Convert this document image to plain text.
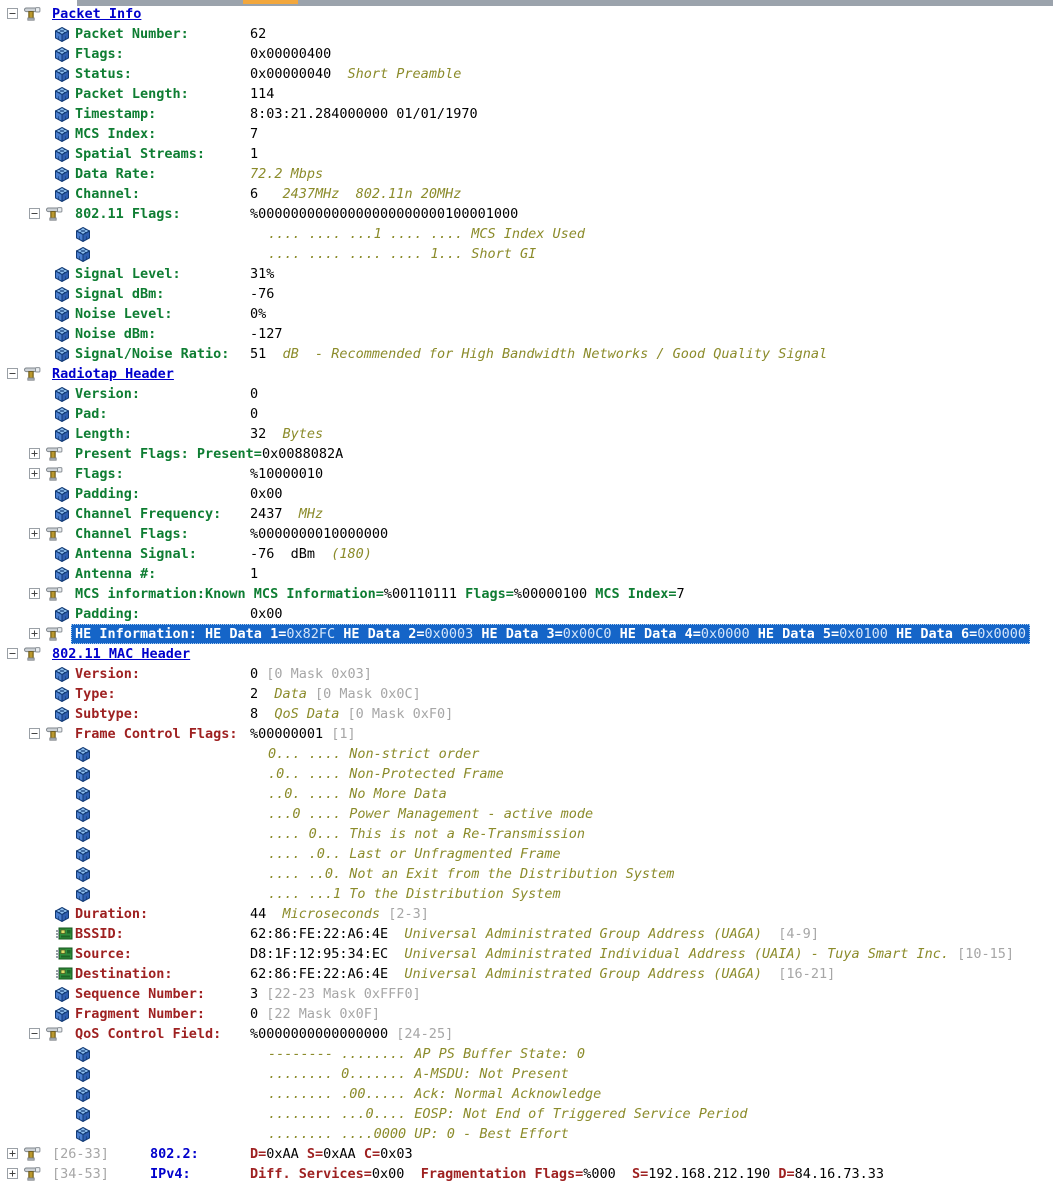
Packet Info
Packet Number:	62
Flags:	0x00000400
Status:	0x00000040  Short Preamble
Packet Length:	114
Timestamp:	8:03:21.284000000 01/01/1970
MCS Index:	7
Spatial Streams:	1
Data Rate:	72.2 Mbps
Channel:	6   2437MHz  802.11n 20MHz
802.11 Flags:	%00000000000000000000000100001000
.... .... ...1 .... .... MCS Index Used
.... .... .... .... 1... Short GI
Signal Level:	31%
Signal dBm:	-76
Noise Level:	0%
Noise dBm:	-127
Signal/Noise Ratio: 51  dB  - Recommended for High Bandwidth Networks / Good Quality Signal
Radiotap Header
Version:	0
Pad:	0
Length:	32  Bytes
Present Flags: Present=0x0088082A
Flags:	%10000010
Padding:	0x00
Channel Frequency: 2437  MHz
Channel Flags:	%0000000010000000
Antenna Signal:	-76  dBm  (180)
Antenna #:	1
MCS information:Known MCS Information=%00110111 Flags=%00000100 MCS Index=7
Padding:	0x00
HE Information: HE Data 1=0x82FC HE Data 2=0x0003 HE Data 3=0x00C0 HE Data 4=0x0000 HE Data 5=0x0100 HE Data 6=0x0000
802.11 MAC Header
Version:	0 [0 Mask 0x03]
Type:	2  Data [0 Mask 0x0C]
Subtype:	8  QoS Data [0 Mask 0xF0]
Frame Control Flags: %00000001 [1]
0... .... Non-strict order
.0.. .... Non-Protected Frame
..0. .... No More Data
...0 .... Power Management - active mode
.... 0... This is not a Re-Transmission
.... .0.. Last or Unfragmented Frame
.... ..0. Not an Exit from the Distribution System
.... ...1 To the Distribution System
Duration:	44  Microseconds [2-3]
BSSID:	62:86:FE:22:A6:4E  Universal Administrated Group Address (UAGA)  [4-9]
Source:	D8:1F:12:95:34:EC  Universal Administrated Individual Address (UAIA) - Tuya Smart Inc. [10-15]
Destination:	62:86:FE:22:A6:4E  Universal Administrated Group Address (UAGA)  [16-21]
Sequence Number:	3 [22-23 Mask 0xFFF0]
Fragment Number:	0 [22 Mask 0x0F]
QoS Control Field: %0000000000000000 [24-25]
-------- ........ AP PS Buffer State: 0
........ 0....... A-MSDU: Not Present
........ .00..... Ack: Normal Acknowledge
........ ...0.... EOSP: Not End of Triggered Service Period
........ ....0000 UP: 0 - Best Effort
[26-33]	802.2:	D=0xAA S=0xAA C=0x03
[34-53]	IPv4:	Diff. Services=0x00  Fragmentation Flags=%000  S=192.168.212.190 D=84.16.73.33
